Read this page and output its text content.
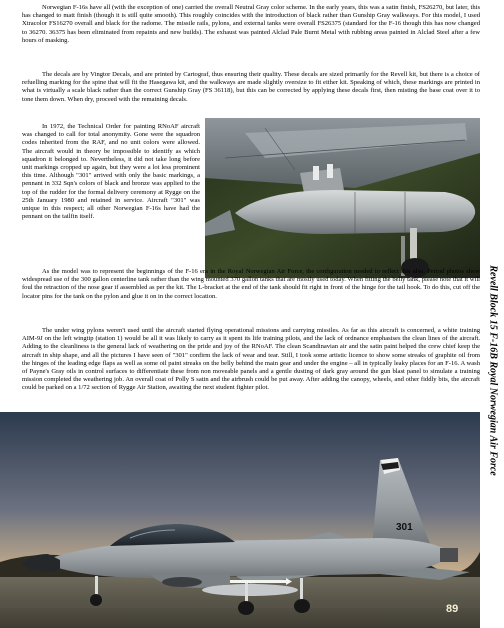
Norwegian F-16s have all (with the exception of one) carried the overall Neutral Gray color scheme. In the early years, this was a satin finish, FS26270, but later, this has changed to matt finish (though it is still quite smooth). This roughly coincides with the introduction of black rather than Gunship Gray walkways. For this model, I used Xtracolor FS16270 overall and black for the radome. The missile rails, pylons, and external tanks were overall FS26375 (standard for the F-16 though this has now changed to 36270. 36375 has been eliminated from repaints and new builds). The exhaust was painted Alclad Pale Burnt Metal with rubbing areas painted in Alclad Steel after a few hours of masking.

The decals are by Vingtor Decals, and are printed by Cartograf, thus ensuring their quality. These decals are sized primarily for the Revell kit, but there is a choice of refuelling marking for the spine that will fit the Hasegawa kit, and the walkways are made slightly oversize to fit either kit. Speaking of which, these markings are printed in what is virtually a scale black rather than the correct Gunship Gray (FS 36118), but this can be corrected by applying these decals first, then misting the base coat over it to tone them down. When dry, proceed with the remaining decals.

In 1972, the Technical Order for painting RNoAF aircraft was changed to call for total anonymity. Gone were the squadron codes inherited from the RAF, and no unit colors were allowed. The aircraft would in theory be impossible to identify as which squadron it belonged to. Nevertheless, it did not take long before unit markings cropped up again, but they were a lot less prominent this time. Although "301" arrived with only the basic markings, a pennant in 332 Sqn's colors of black and bronze was applied to the top of the rudder for the formal delivery ceremony at Rygge on the 25th January 1980 and retained in service. Aircraft "301" was unique in this respect; all other Norwegian F-16s have had the pennant on the tailfin itself.

As the model was to represent the beginnings of the F-16 era in the Royal Norwegian Air Force, the configuration needed to reflect this also. Period photos show widespread use of the 300 gallon centerline tank rather than the wing mounted 370 gallon tanks that are mostly used today. When fitting the belly tank, please note that it will foul the retraction of the nose gear if assembled as per the kit. The L-bracket at the end of the tank should fit right in front of the hinge for the tail hook. To do this, cut off the locator pins for the tank on the pylon and glue it on in the correct location.

The under wing pylons weren't used until the aircraft started flying operational missions and carrying missiles. As far as this aircraft is concerned, a white training AIM-9J on the left wingtip (station 1) would be all it was likely to carry as it spent its life training pilots, and the lack of ordnance emphasises the clean lines of the aircraft. Adding to the cleanliness is the general lack of weathering on the pride and joy of the RNoAF. The clean Scandinavian air and the satin paint helped the crew chief keep the aircraft in ship shape, and all the pictures I have seen of "301" confirm the lack of wear and tear. Still, I took some artistic licence to show some streaks of graphite oil from the hinges of the leading edge flaps as well as some oil paint streaks on the belly behind the main gear and under the engine – all in typically leaky places for an F-16. A wash of Payne's Gray oils in control surfaces to differentiate these from non moveable panels and a gentle dusting of dark gray around the gun blast panel to simulate a training mission completed the weathering job. An overall coat of Polly S satin and the airbrush could be put away. After adding the canopy, wheels, and other fiddly bits, the aircraft could be parked on a 1/72 section of Rygge Air Station, awaiting the next student fighter pilot.

301
89
Revell Block 15 F-16B Royal Norwegian Air Force
